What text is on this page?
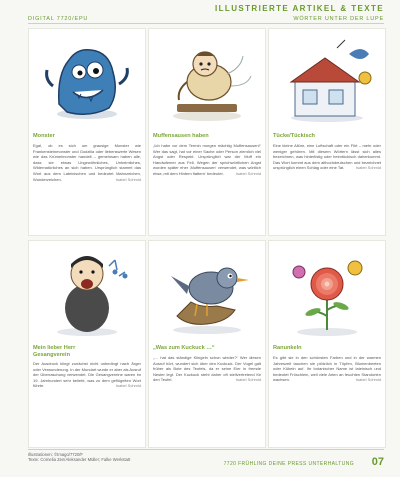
ILLUSTRIERTE ARTIKEL & TEXTE
DIGITAL 7720/EPU	WÖRTER UNTER DER LUPE
Monster
Egal, ob es sich um grausige Monster wie Frankensteinmonster und Godzilla oder liebenswerte Wesen wie das Krümelmonster handelt – gemeinsam haben alle, dass sie etwas Ungewöhnliches, Unheimliches, Widernatürliches an sich haben. Ursprünglich stammt das Wort aus dem Lateinischen und bedeutet Mahnzeichen, Wunderzeichen.	Isabel Schmid
Muffensausen haben
„Ich habe vor dem Termin morgen mächtig Muffensausen!“ Wer das sagt, hat vor einer Sache oder Person ziemlich viel Angst oder Respekt. Ursprünglich war der Muff ein Handwärmer aus Fell. Wegen der sprichwörtlichen Angst wurden später eher ‚Muffensausen‘ verwendet, was wörtlich etwa ‚mit dem Hintern flattern‘ bedeutet.	Isabel Schmid
Tücke/Tückisch
Eine kleine Allüre, eine Luftschaft oder ein Flirt – mehr oder weniger gehören. Mit diesem Wörtern lässt sich alles bezeichnen, was hinterlistig oder heimtückisch daherkommt. Das Wort kommt aus dem althochdeutschen und bezeichnet ursprünglich einen Schlag oder eine Tat.	Isabel Schmid
Mein lieber Herr Gesangverein
Der Ausdruck klingt zunächst nicht unbedingt nach Ärger oder Verwunderung. In der Mundart wurde er aber als Ausruf der Überraschung verwendet. Die Gesangvereine waren im 19. Jahrhundert sehr beliebt, was zu dem geflügelten Wort führte.	Isabel Schmid
„Was zum Kuckuck …“
„… hat das ständige Klingeln schon wieder?“ Wer diesen Ausruf hört, wundert sich über den Kuckuck. Der Vogel galt früher als Bote des Teufels, da er seine Eier in fremde Nester legt. Der Kuckuck steht daher oft stellvertretend für den Teufel.	Isabel Schmid
Ranunkeln
Es gibt sie in den schönsten Farben und in der warmen Jahreszeit tauchen sie plötzlich in Töpfen, Blumenbeeten oder Kübeln auf. Ihr botanischer Name ist lateinisch und bedeutet Fröschlein, weil viele Arten an feuchten Standorten wachsen.	Isabel Schmid
Illustrationen: ©Imago/7720/F
Texte: Cornelia Zen/Aleksander Müller; Falke Werkstatt
7720 FRÜHLING DEINE PRESS UNTERHALTUNG 07
